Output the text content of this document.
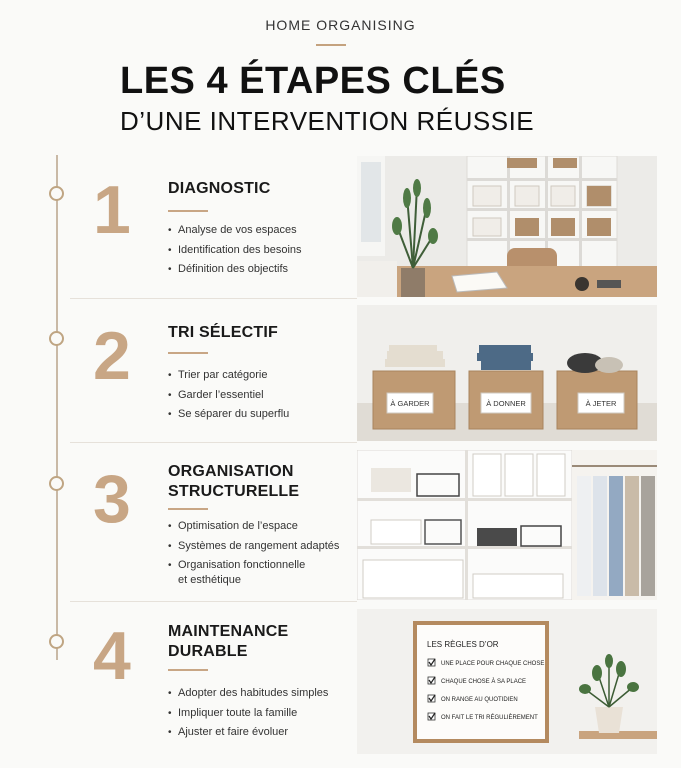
HOME ORGANISING
LES 4 ÉTAPES CLÉS
D’UNE INTERVENTION RÉUSSIE
1 DIAGNOSTIC
• Analyse de vos espaces
• Identification des besoins
• Définition des objectifs
2 TRI SÉLECTIF
• Trier par catégorie
• Garder l’essentiel
• Se séparer du superflu
À GARDER	À DONNER	À JETER
3 ORGANISATION
STRUCTURELLE
• Optimisation de l’espace
• Systèmes de rangement adaptés
• Organisation fonctionnelle
et esthétique
4 MAINTENANCE
DURABLE
• Adopter des habitudes simples
• Impliquer toute la famille
• Ajuster et faire évoluer
LES RÈGLES D’OR
UNE PLACE POUR CHAQUE CHOSE
CHAQUE CHOSE À SA PLACE
ON RANGE AU QUOTIDIEN
ON FAIT LE TRI RÉGULIÈREMENT
